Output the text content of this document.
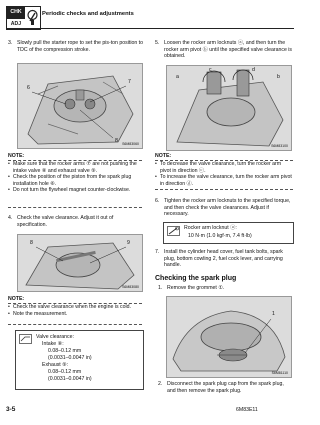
CHK
ADJ
Periodic checks and adjustments
3. Slowly pull the starter rope to set the pis-ton position to TDC of the compression stroke.
6
7
8 S6M83060
NOTE:
• Make sure that the rocker arms ⑦ are not pushing the intake valve ⑧ and exhaust valve ⑨.
• Check the position of the piston from the spark plug installation hole ⑥.
• Do not turn the flywheel magnet counter-clockwise.
4. Check the valve clearance. Adjust it out of specification.
8	9
S6M83080
NOTE:
• Check the valve clearance when the engine is cold.
• Note the measurement.
Valve clearance:
Intake ⑧:
0.08–0.12 mm
(0.0031–0.0047 in)
Exhaust ⑨:
0.08–0.12 mm
(0.0031–0.0047 in)
5. Loosen the rocker arm locknuts ⓐ, and then turn the rocker arm pivot ⓑ until the specified valve clearance is obtained.
a	b
c	d
S6M83100
NOTE:
• To decrease the valve clearance, turn the rocker arm pivot in direction ⓒ.
• To increase the valve clearance, turn the rocker arm pivot in direction ⓓ.
6. Tighten the rocker arm locknuts to the specified torque, and then check the valve clearances. Adjust if necessary.
Rocker arm locknut ⓐ:
10 N·m (1.0 kgf·m, 7.4 ft·lb)
7. Install the cylinder head cover, fuel tank bolts, spark plug, bottom cowling 2, fuel cock lever, and carrying handle.
Checking the spark plug
1. Remove the grommet ①.
1
S6M81110
2. Disconnect the spark plug cap from the spark plug, and then remove the spark plug.
3-5	6M83E11
